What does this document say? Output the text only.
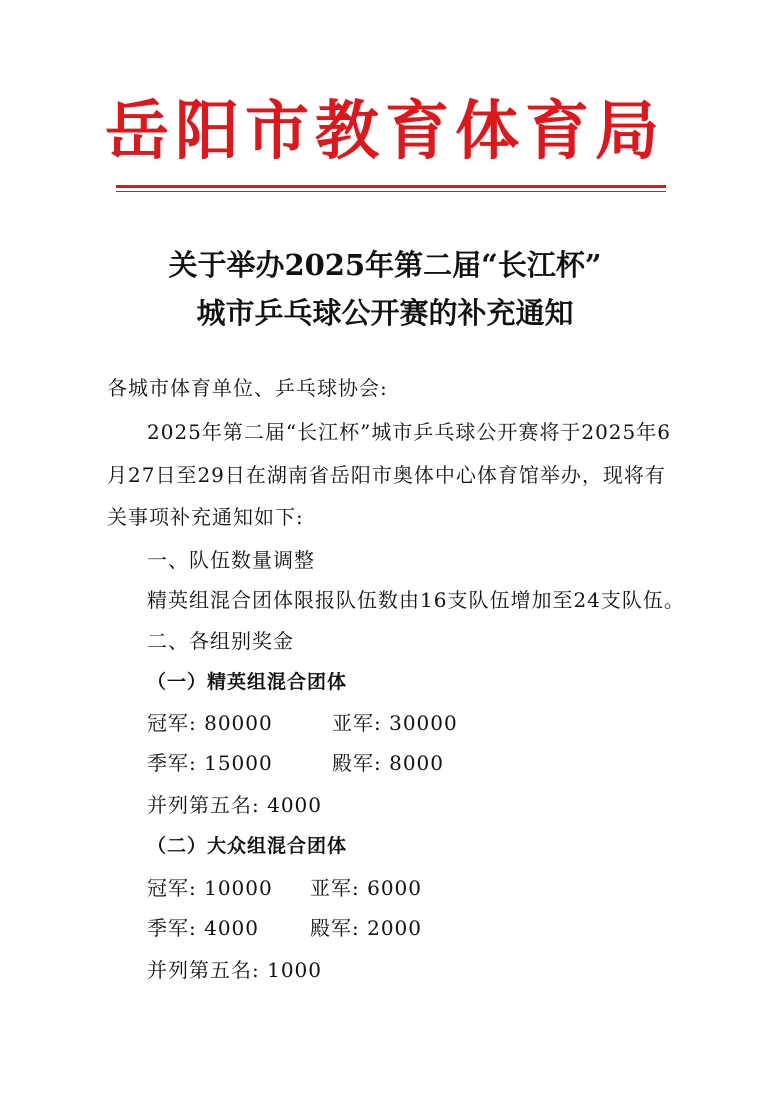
岳阳市教育体育局
关于举办2025年第二届“长江杯”
城市乒乓球公开赛的补充通知
各城市体育单位、乒乓球协会:
2025年第二届“长江杯”城市乒乓球公开赛将于2025年6
月27日至29日在湖南省岳阳市奥体中心体育馆举办，现将有
关事项补充通知如下:
一、队伍数量调整
精英组混合团体限报队伍数由16支队伍增加至24支队伍。
二、各组别奖金
（一）精英组混合团体
冠军: 80000	亚军: 30000
季军: 15000	殿军: 8000
并列第五名: 4000
（二）大众组混合团体
冠军: 10000 亚军: 6000
季军: 4000	殿军: 2000
并列第五名: 1000
